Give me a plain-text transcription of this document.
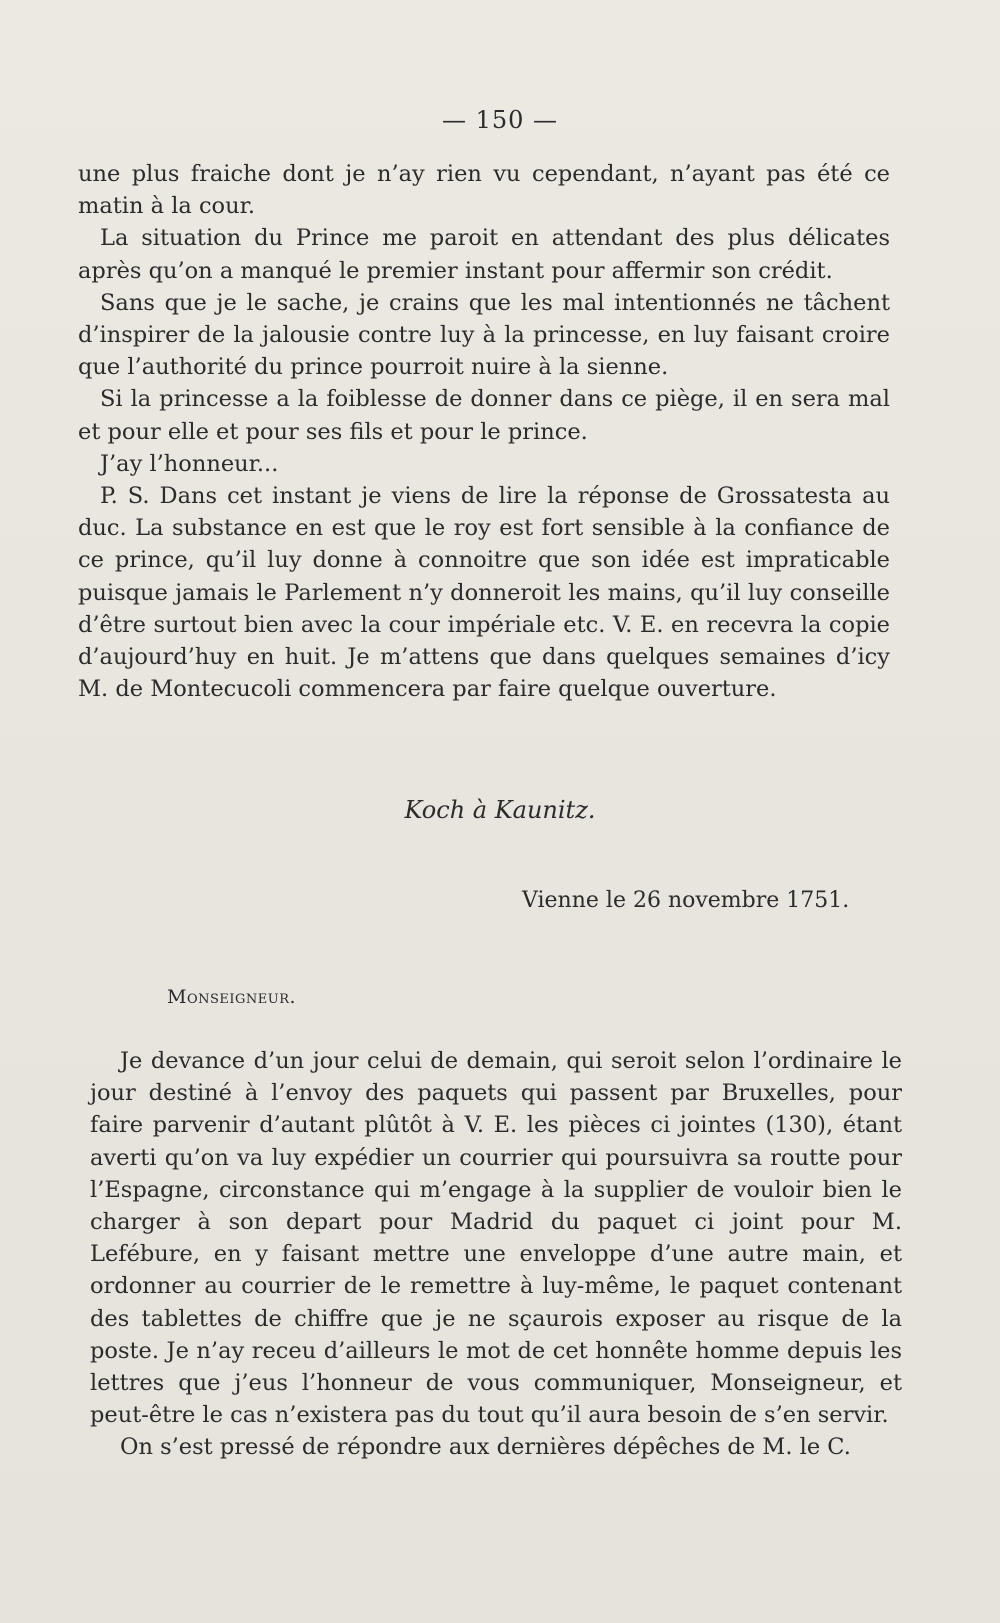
— 150 —

une plus fraiche dont je n’ay rien vu cependant, n’ayant pas été ce matin à la cour.

La situation du Prince me paroit en attendant des plus délicates après qu’on a manqué le premier instant pour affermir son crédit.

Sans que je le sache, je crains que les mal intentionnés ne tâchent d’inspirer de la jalousie contre luy à la princesse, en luy faisant croire que l’authorité du prince pourroit nuire à la sienne.

Si la princesse a la foiblesse de donner dans ce piège, il en sera mal et pour elle et pour ses fils et pour le prince.

J’ay l’honneur...

P. S. Dans cet instant je viens de lire la réponse de Grossatesta au duc. La substance en est que le roy est fort sensible à la confiance de ce prince, qu’il luy donne à connoitre que son idée est impraticable puisque jamais le Parlement n’y donneroit les mains, qu’il luy conseille d’être surtout bien avec la cour impériale etc. V. E. en recevra la copie d’aujourd’huy en huit. Je m’attens que dans quelques semaines d’icy M. de Montecucoli commencera par faire quelque ouverture.

Koch à Kaunitz.
Vienne le 26 novembre 1751.
Monseigneur.

Je devance d’un jour celui de demain, qui seroit selon l’ordinaire le jour destiné à l’envoy des paquets qui passent par Bruxelles, pour faire parvenir d’autant plûtôt à V. E. les pièces ci jointes (130), étant averti qu’on va luy expédier un courrier qui poursuivra sa routte pour l’Espagne, circonstance qui m’engage à la supplier de vouloir bien le charger à son depart pour Madrid du paquet ci joint pour M. Lefébure, en y faisant mettre une enveloppe d’une autre main, et ordonner au courrier de le remettre à luy-même, le paquet contenant des tablettes de chiffre que je ne sçaurois exposer au risque de la poste. Je n’ay receu d’ailleurs le mot de cet honnête homme depuis les lettres que j’eus l’honneur de vous communiquer, Monseigneur, et peut-être le cas n’existera pas du tout qu’il aura besoin de s’en servir.

On s’est pressé de répondre aux dernières dépêches de M. le C.
